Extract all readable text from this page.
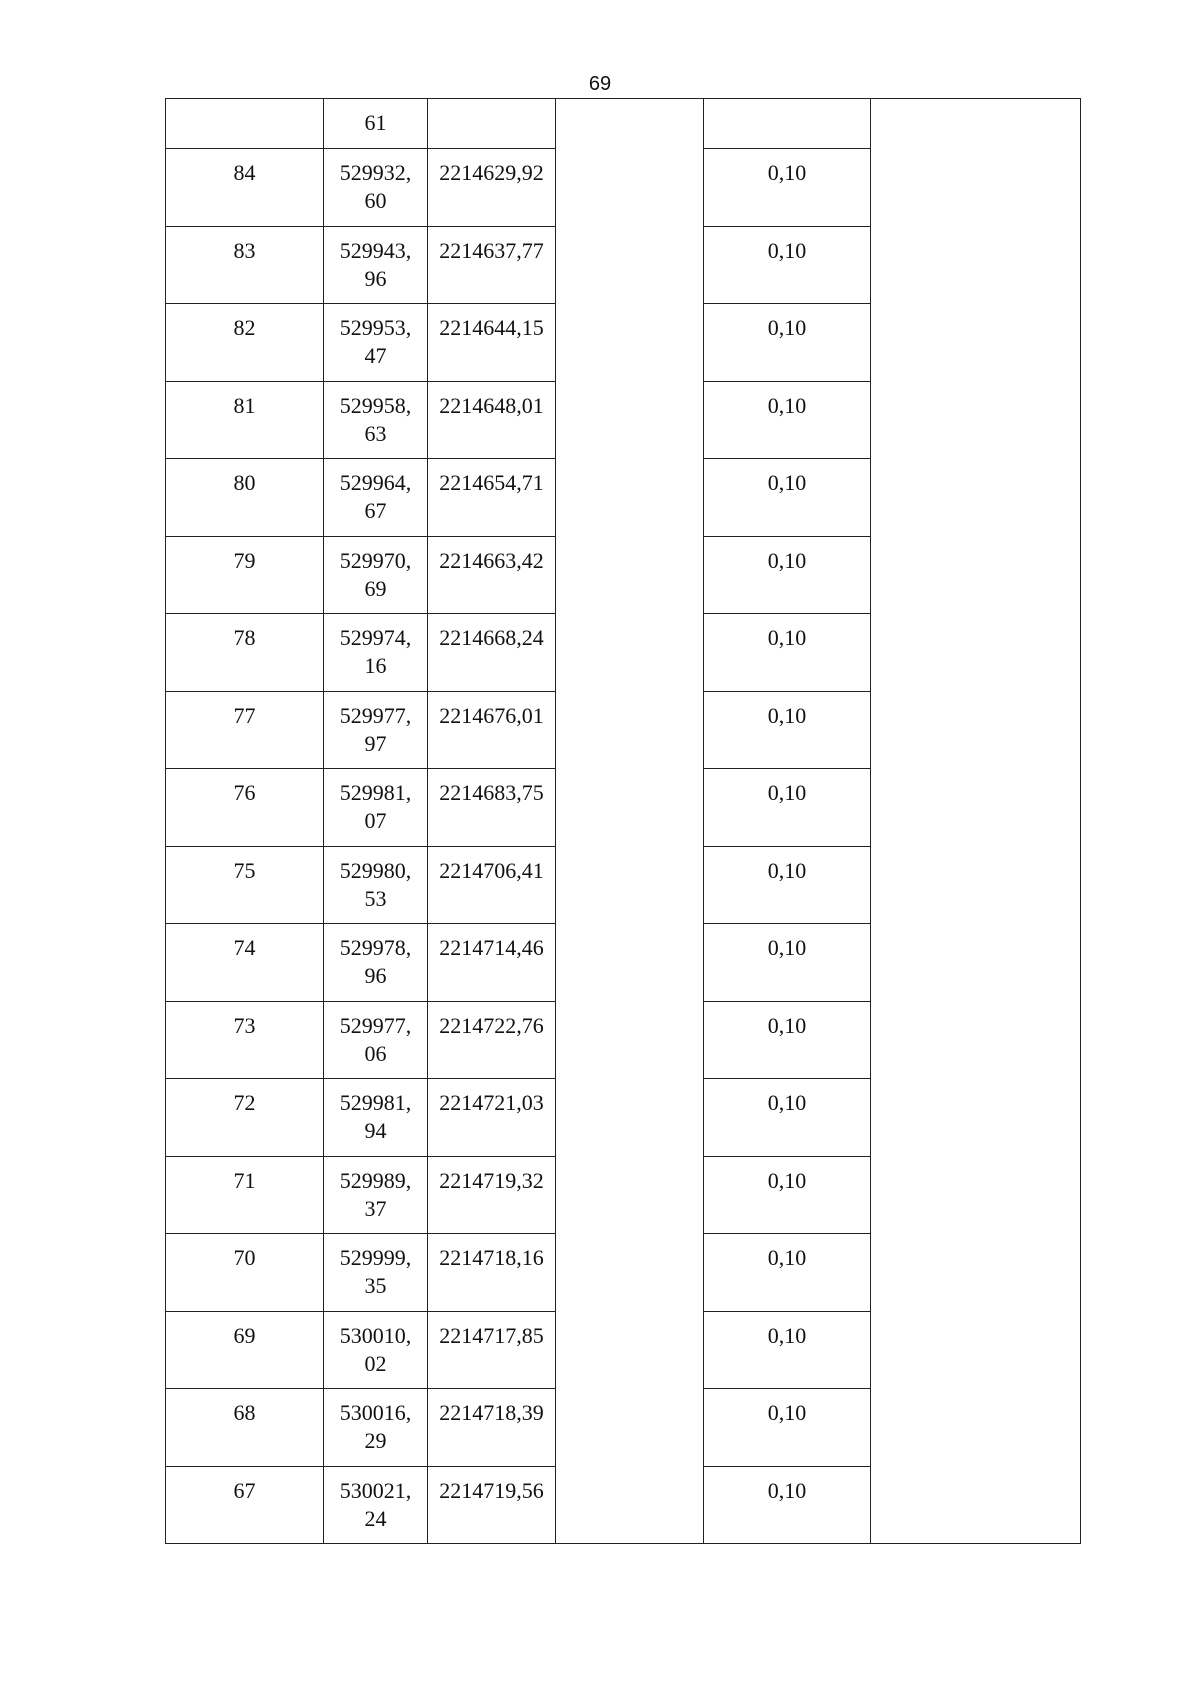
69
	61				
84	529932,
60	2214629,92		0,10	
83	529943,
96	2214637,77		0,10	
82	529953,
47	2214644,15		0,10	
81	529958,
63	2214648,01		0,10	
80	529964,
67	2214654,71		0,10	
79	529970,
69	2214663,42		0,10	
78	529974,
16	2214668,24		0,10	
77	529977,
97	2214676,01		0,10	
76	529981,
07	2214683,75		0,10	
75	529980,
53	2214706,41		0,10	
74	529978,
96	2214714,46		0,10	
73	529977,
06	2214722,76		0,10	
72	529981,
94	2214721,03		0,10	
71	529989,
37	2214719,32		0,10	
70	529999,
35	2214718,16		0,10	
69	530010,
02	2214717,85		0,10	
68	530016,
29	2214718,39		0,10	
67	530021,
24	2214719,56		0,10	
